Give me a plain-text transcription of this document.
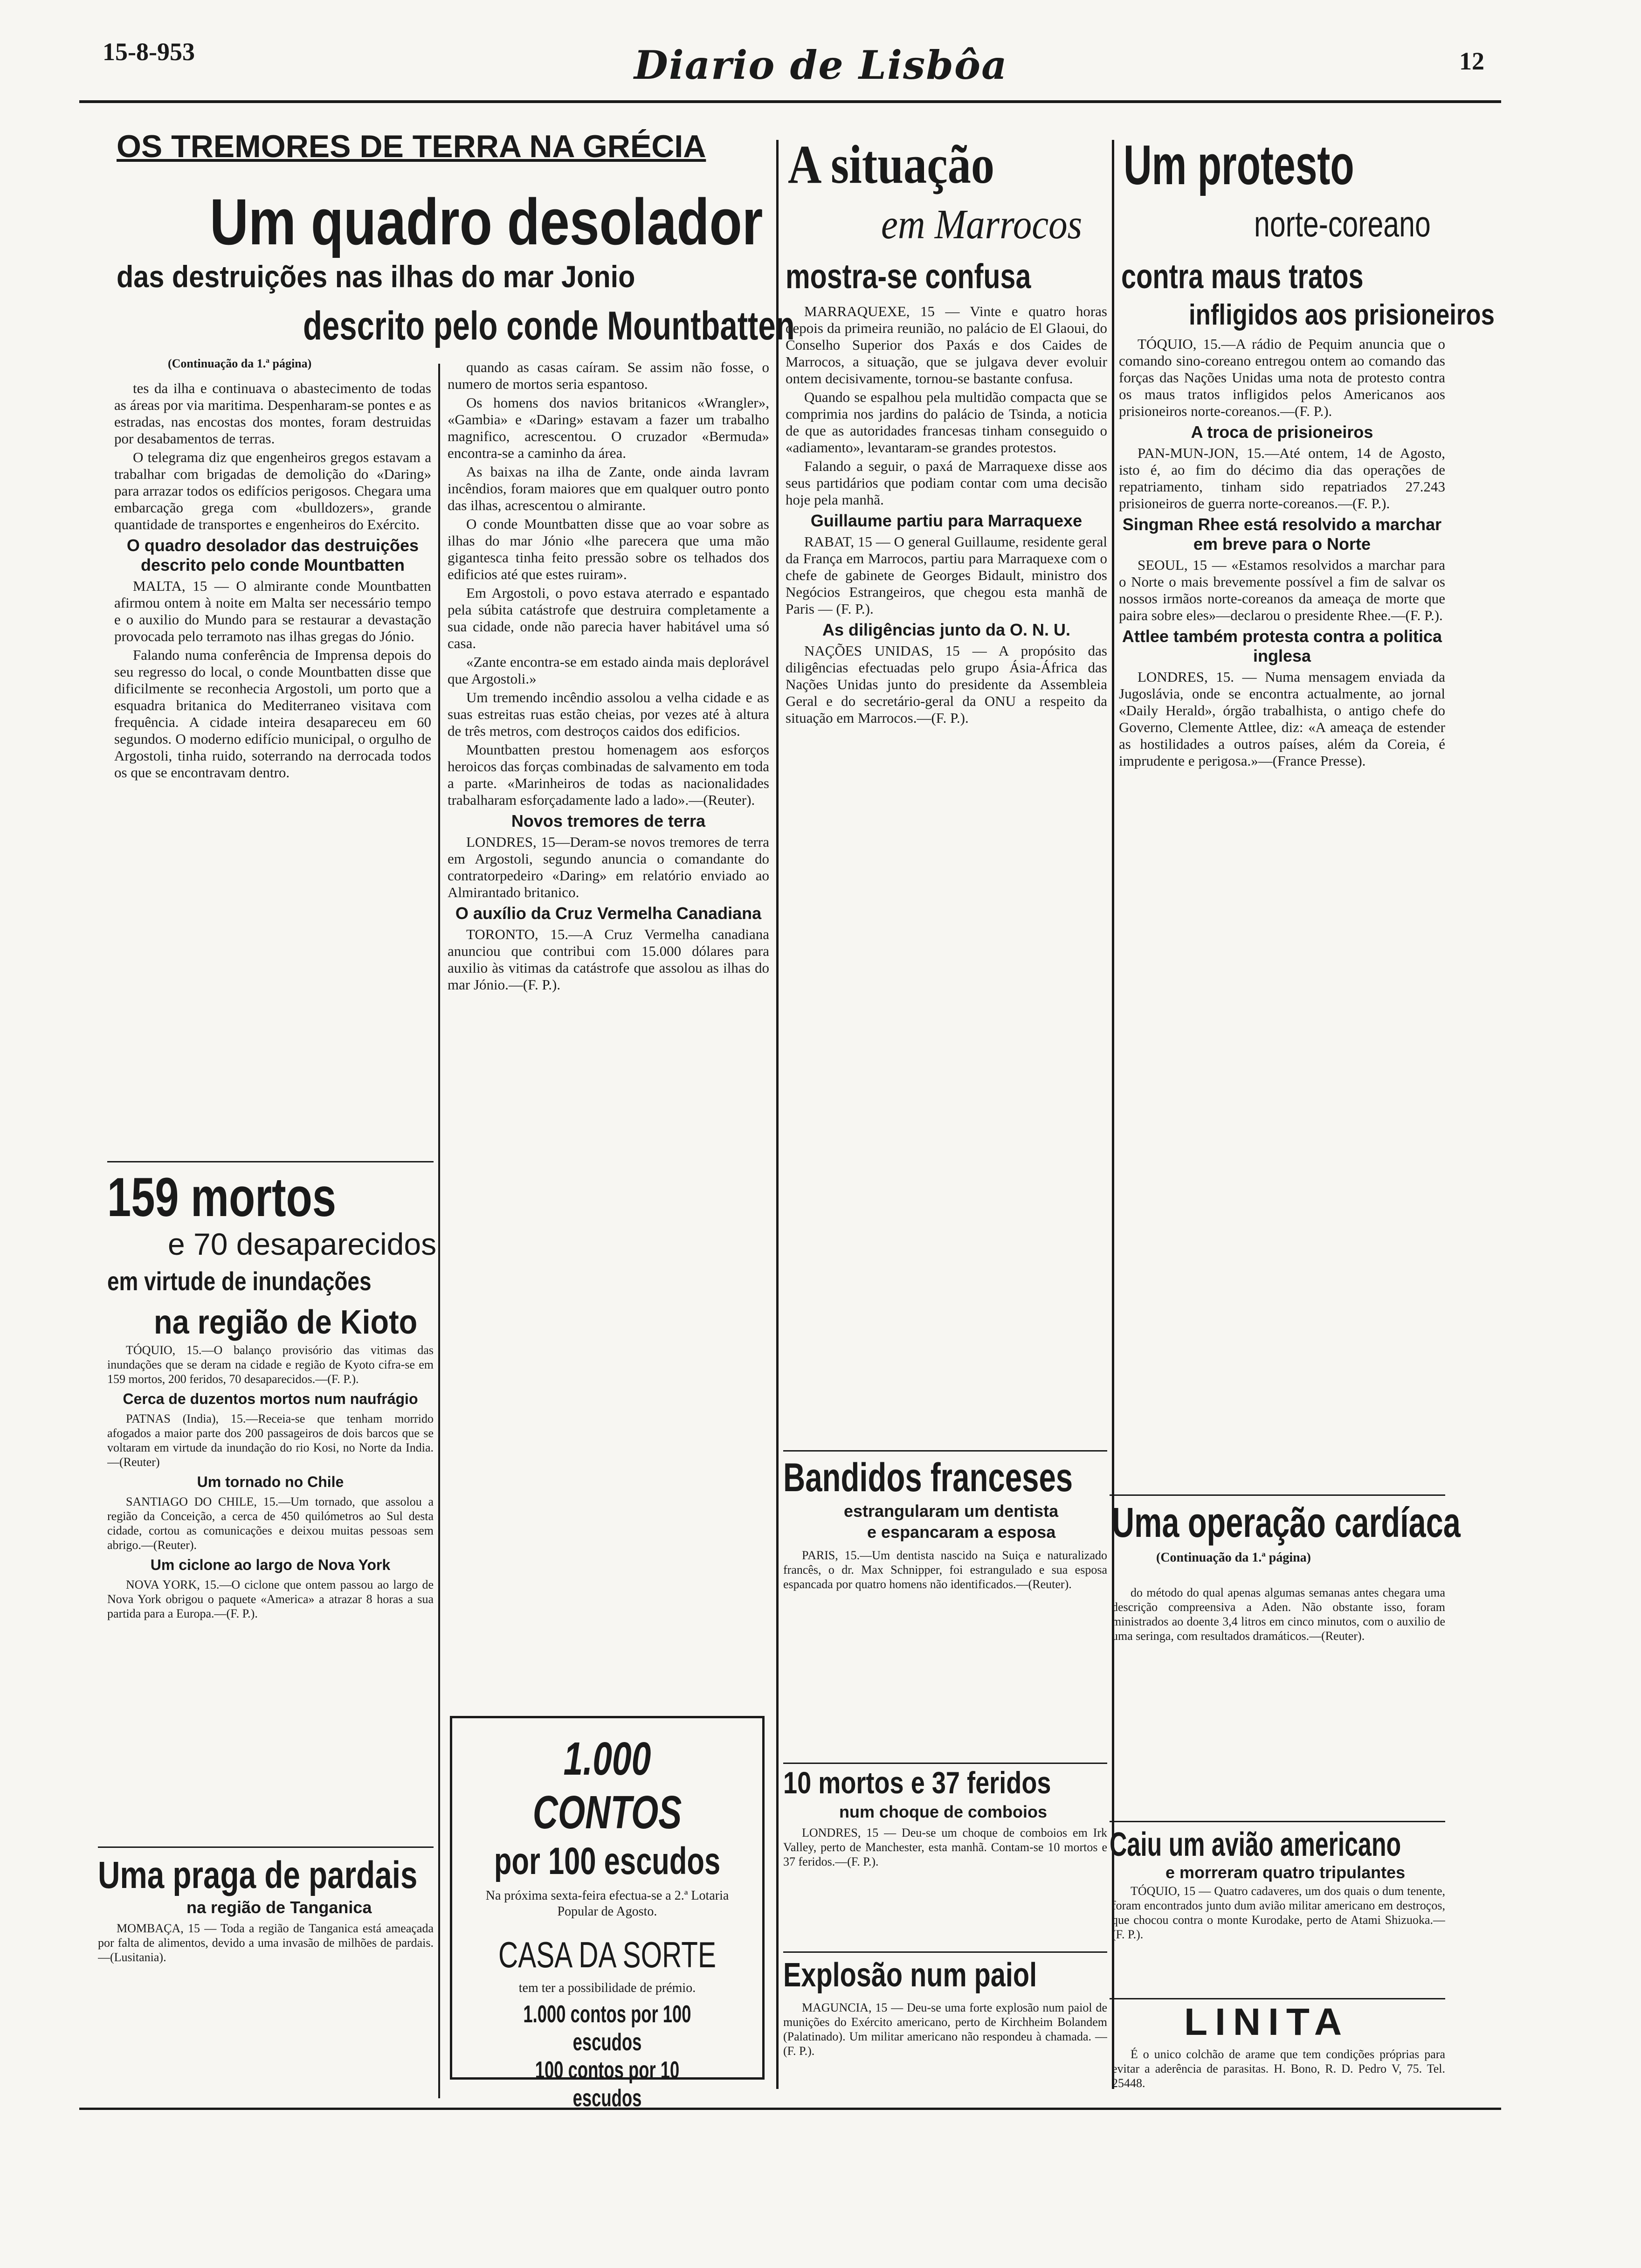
15-8-953	Diario de Lisbôa	12
OS TREMORES DE TERRA NA GRÉCIA
Um quadro desolador
das destruições nas ilhas do mar Jonio
descrito pelo conde Mountbatten
(Continuação da 1.ª página)

tes da ilha e continuava o abastecimento de todas as áreas por via maritima. Despenharam-se pontes e as estradas, nas encostas dos montes, foram destruidas por desabamentos de terras.

O telegrama diz que engenheiros gregos estavam a trabalhar com brigadas de demolição do «Daring» para arrazar todos os edifícios perigosos. Chegara uma embarcação grega com «bulldozers», grande quantidade de transportes e engenheiros do Exército.

O quadro desolador das destruições descrito pelo conde Mountbatten

MALTA, 15 — O almirante conde Mountbatten afirmou ontem à noite em Malta ser necessário tempo e o auxilio do Mundo para se restaurar a devastação provocada pelo terramoto nas ilhas gregas do Jónio.

Falando numa conferência de Imprensa depois do seu regresso do local, o conde Mountbatten disse que dificilmente se reconhecia Argostoli, um porto que a esquadra britanica do Mediterraneo visitava com frequência. A cidade inteira desapareceu em 60 segundos. O moderno edifício municipal, o orgulho de Argostoli, tinha ruido, soterrando na derrocada todos os que se encontravam dentro.

quando as casas caíram. Se assim não fosse, o numero de mortos seria espantoso.

Os homens dos navios britanicos «Wrangler», «Gambia» e «Daring» estavam a fazer um trabalho magnifico, acrescentou. O cruzador «Bermuda» encontra-se a caminho da área.

As baixas na ilha de Zante, onde ainda lavram incêndios, foram maiores que em qualquer outro ponto das ilhas, acrescentou o almirante.

O conde Mountbatten disse que ao voar sobre as ilhas do mar Jónio «lhe parecera que uma mão gigantesca tinha feito pressão sobre os telhados dos edificios até que estes ruiram».

Em Argostoli, o povo estava aterrado e espantado pela súbita catástrofe que destruira completamente a sua cidade, onde não parecia haver habitável uma só casa.

«Zante encontra-se em estado ainda mais deplorável que Argostoli.»

Um tremendo incêndio assolou a velha cidade e as suas estreitas ruas estão cheias, por vezes até à altura de três metros, com destroços caidos dos edificios.

Mountbatten prestou homenagem aos esforços heroicos das forças combinadas de salvamento em toda a parte. «Marinheiros de todas as nacionalidades trabalharam esforçadamente lado a lado».—(Reuter).

Novos tremores de terra

LONDRES, 15—Deram-se novos tremores de terra em Argostoli, segundo anuncia o comandante do contratorpedeiro «Daring» em relatório enviado ao Almirantado britanico.

O auxílio da Cruz Vermelha Canadiana

TORONTO, 15.—A Cruz Vermelha canadiana anunciou que contribui com 15.000 dólares para auxilio às vitimas da catástrofe que assolou as ilhas do mar Jónio.—(F. P.).

159 mortos
e 70 desaparecidos
em virtude de inundações
na região de Kioto

TÓQUIO, 15.—O balanço provisório das vitimas das inundações que se deram na cidade e região de Kyoto cifra-se em 159 mortos, 200 feridos, 70 desaparecidos.—(F. P.).

Cerca de duzentos mortos num naufrágio

PATNAS (India), 15.—Receia-se que tenham morrido afogados a maior parte dos 200 passageiros de dois barcos que se voltaram em virtude da inundação do rio Kosi, no Norte da India.—(Reuter)

Um tornado no Chile

SANTIAGO DO CHILE, 15.—Um tornado, que assolou a região da Conceição, a cerca de 450 quilómetros ao Sul desta cidade, cortou as comunicações e deixou muitas pessoas sem abrigo.—(Reuter).

Um ciclone ao largo de Nova York

NOVA YORK, 15.—O ciclone que ontem passou ao largo de Nova York obrigou o paquete «America» a atrazar 8 horas a sua partida para a Europa.—(F. P.).

Uma praga de pardais
na região de Tanganica

MOMBAÇA, 15 — Toda a região de Tanganica está ameaçada por falta de alimentos, devido a uma invasão de milhões de pardais.—(Lusitania).

1.000 CONTOS
por 100 escudos
Na próxima sexta-feira efectua-se a 2.ª Lotaria Popular de Agosto.
CASA DA SORTE
tem ter a possibilidade de prémio.
1.000 contos por 100 escudos
100 contos por 10 escudos
A situação
em Marrocos
mostra-se confusa

MARRAQUEXE, 15 — Vinte e quatro horas depois da primeira reunião, no palácio de El Glaoui, do Conselho Superior dos Paxás e dos Caides de Marrocos, a situação, que se julgava dever evoluir ontem decisivamente, tornou-se bastante confusa.

Quando se espalhou pela multidão compacta que se comprimia nos jardins do palácio de Tsinda, a noticia de que as autoridades francesas tinham conseguido o «adiamento», levantaram-se grandes protestos.

Falando a seguir, o paxá de Marraquexe disse aos seus partidários que podiam contar com uma decisão hoje pela manhã.

Guillaume partiu para Marraquexe

RABAT, 15 — O general Guillaume, residente geral da França em Marrocos, partiu para Marraquexe com o chefe de gabinete de Georges Bidault, ministro dos Negócios Estrangeiros, que chegou esta manhã de Paris — (F. P.).

As diligências junto da O. N. U.

NAÇÕES UNIDAS, 15 — A propósito das diligências efectuadas pelo grupo Ásia-África das Nações Unidas junto do presidente da Assembleia Geral e do secretário-geral da ONU a respeito da situação em Marrocos.—(F. P.).

Bandidos franceses
estrangularam um dentista
e espancaram a esposa

PARIS, 15.—Um dentista nascido na Suiça e naturalizado francês, o dr. Max Schnipper, foi estrangulado e sua esposa espancada por quatro homens não identificados.—(Reuter).

10 mortos e 37 feridos
num choque de comboios

LONDRES, 15 — Deu-se um choque de comboios em Irk Valley, perto de Manchester, esta manhã. Contam-se 10 mortos e 37 feridos.—(F. P.).

Explosão num paiol

MAGUNCIA, 15 — Deu-se uma forte explosão num paiol de munições do Exército americano, perto de Kirchheim Bolandem (Palatinado). Um militar americano não respondeu à chamada. — (F. P.).

Um protesto
norte-coreano
contra maus tratos
infligidos aos prisioneiros

TÓQUIO, 15.—A rádio de Pequim anuncia que o comando sino-coreano entregou ontem ao comando das forças das Nações Unidas uma nota de protesto contra os maus tratos infligidos pelos Americanos aos prisioneiros norte-coreanos.—(F. P.).

A troca de prisioneiros

PAN-MUN-JON, 15.—Até ontem, 14 de Agosto, isto é, ao fim do décimo dia das operações de repatriamento, tinham sido repatriados 27.243 prisioneiros de guerra norte-coreanos.—(F. P.).

Singman Rhee está resolvido a marchar em breve para o Norte

SEOUL, 15 — «Estamos resolvidos a marchar para o Norte o mais brevemente possível a fim de salvar os nossos irmãos norte-coreanos da ameaça de morte que paira sobre eles»—declarou o presidente Rhee.—(F. P.).

Attlee também protesta contra a politica inglesa

LONDRES, 15. — Numa mensagem enviada da Jugoslávia, onde se encontra actualmente, ao jornal «Daily Herald», órgão trabalhista, o antigo chefe do Governo, Clemente Attlee, diz: «A ameaça de estender as hostilidades a outros países, além da Coreia, é imprudente e perigosa.»—(France Presse).

Uma operação cardíaca
(Continuação da 1.ª página)

do método do qual apenas algumas semanas antes chegara uma descrição compreensiva a Aden. Não obstante isso, foram ministrados ao doente 3,4 litros em cinco minutos, com o auxilio de uma seringa, com resultados dramáticos.—(Reuter).

Caiu um avião americano
e morreram quatro tripulantes

TÓQUIO, 15 — Quatro cadaveres, um dos quais o dum tenente, foram encontrados junto dum avião militar americano em destroços, que chocou contra o monte Kurodake, perto de Atami Shizuoka.—(F. P.).

LINITA

É o unico colchão de arame que tem condições próprias para evitar a aderência de parasitas. H. Bono, R. D. Pedro V, 75. Tel. 25448.
